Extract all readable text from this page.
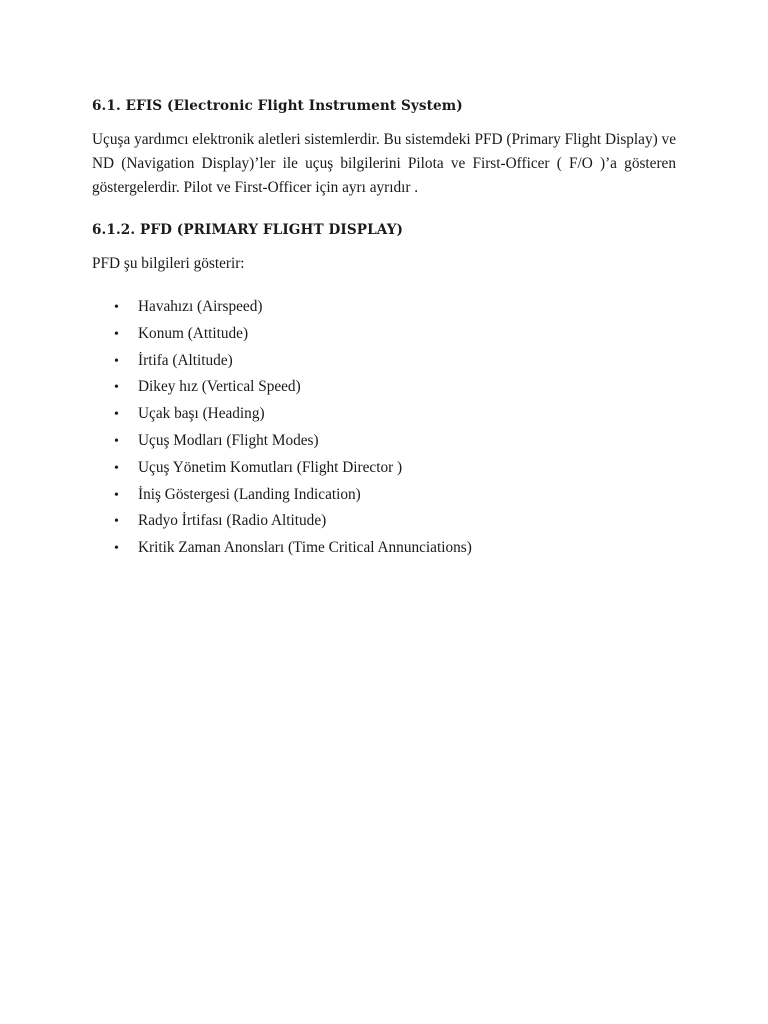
6.1. EFIS (Electronic Flight Instrument System)

Uçuşa yardımcı elektronik aletleri sistemlerdir. Bu sistemdeki PFD (Primary Flight Display) ve ND (Navigation Display)’ler ile uçuş bilgilerini Pilota ve First-Officer ( F/O )’a gösteren göstergelerdir. Pilot ve First-Officer için ayrı ayrıdır .

6.1.2. PFD (PRIMARY FLIGHT DISPLAY)

PFD şu bilgileri gösterir:

•	Havahızı (Airspeed)
•	Konum (Attitude)
•	İrtifa (Altitude)
•	Dikey hız (Vertical Speed)
•	Uçak başı (Heading)
•	Uçuş Modları (Flight Modes)
•	Uçuş Yönetim Komutları (Flight Director )
•	İniş Göstergesi (Landing Indication)
•	Radyo İrtifası (Radio Altitude)
•	Kritik Zaman Anonsları (Time Critical Annunciations)
